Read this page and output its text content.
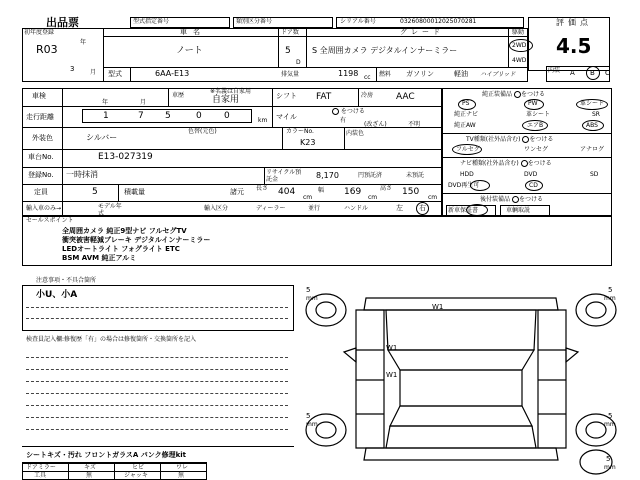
出品票	型式指定番号	類別区分番号	シリアル番号	03260800012025070281	評価点
4.5
初年度登録
R03
年
3	月
車名
ノート
ドア数
5
D
グレード
S 全周囲カメラ デジタルインナーミラー
駆動
2WD
4WD
型式	6AA-E13	排気量	1198 cc 燃料 ガソリン	軽油 ハイブリッド
内装 A B C
車検
年	月
車歴
※名義は自家用
自家用	シフト FAT	冷房	AAC
走行距離	1	7 5	0 0	km マイル
をつける
有
(改ざん)	不明
外装色	シルバー
色替(元色)	カラーNo.
K23
内装色
車台No.	E13-027319
登録No. 一時抹消	リサイクル預託金	8,170	円預託済	未預託
定員	5	積載量	諸元 長さ 404
cm
幅 169
cm
高さ 150
cm
輸入車のみ→	モデル年式
輸入区分	ディーラー	並行	ハンドル	左 右
純正装備品 をつける
PS	PW	革シート
純正ナビ	革シート	SR
純正AW	エアB	ABS
TV種類(社外品含む) をつける
フルセグ	ワンセグ	アナログ
ナビ種類(社外品含む) をつける
HDD	DVD	SD
DVD再生可	CD
後付装備品 をつける
新車保証書	車輌取説
セールスポイント
全周囲カメラ 純正9型ナビ フルセグTV
衝突被害軽減ブレーキ デジタルインナーミラー
LEDオートライト フォグライト ETC
BSM AVM 純正アルミ
注意事項・不具合箇所
小U、小A
検査員記入欄:修復歴「有」の場合は修復箇所・交換箇所を記入
シートキズ・汚れ フロントガラスA パンク修理kit
ドアミラー	キズ	ヒビ	ワレ
工具	無	ジャッキ	無
W1
W1
W1
5
mm
5
mm
5
mm
5
mm
5
mm
